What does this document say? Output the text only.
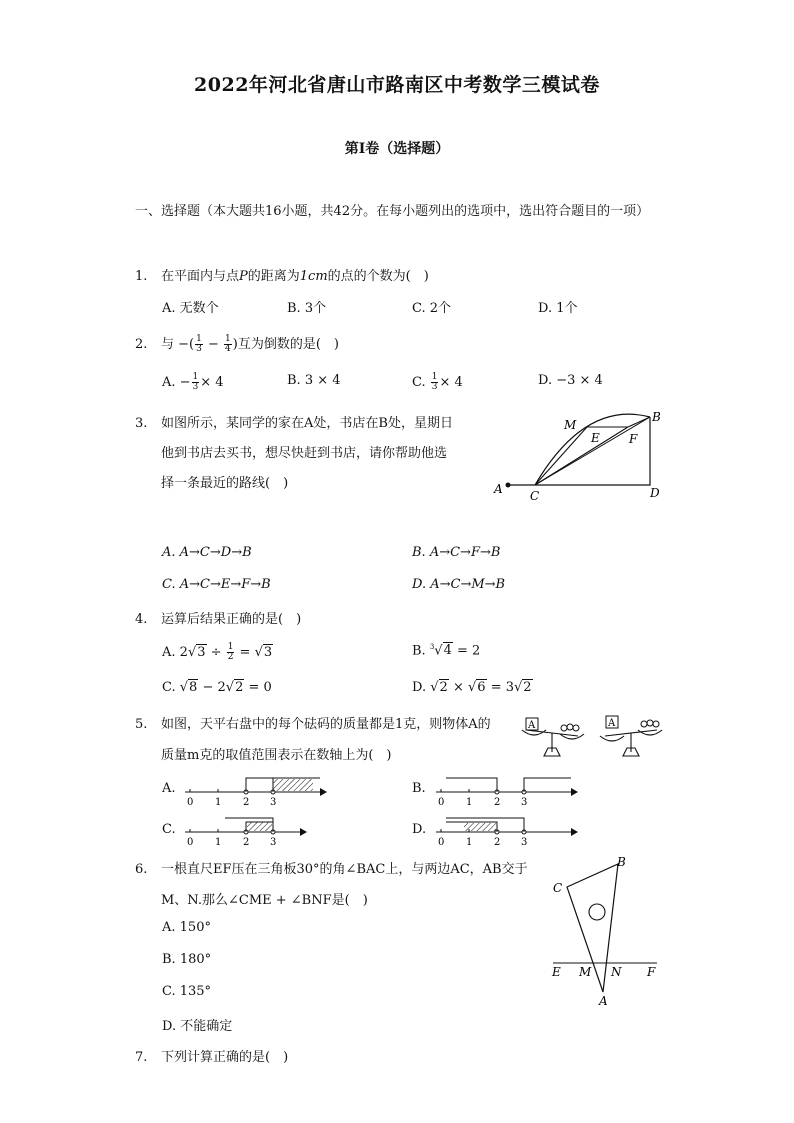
2022年河北省唐山市路南区中考数学三模试卷
第I卷（选择题）
一、选择题（本大题共16小题，共42分。在每小题列出的选项中，选出符合题目的一项）
1. 在平面内与点P的距离为1cm的点的个数为(　)
A. 无数个	B. 3个	C. 2个	D. 1个
2. 与 −( $\frac{1}{3} - \frac{1}{4}$ )互为倒数的是(　)
A. − $\frac{1}{3} \times 4$	B. 3 × 4	C. $\frac{1}{3} \times 4$	D. −3 × 4
3. 如图所示，某同学的家在A处，书店在B处，星期日
他到书店去买书，想尽快赶到书店，请你帮助他选
择一条最近的路线(　)	A
B
C	D
E F
M
A. A→C→D→B	B. A→C→F→B
C. A→C→E→F→B	D. A→C→M→B
4. 运算后结果正确的是(　)
A. $2√3 \div \frac{1}{2} = √3$	B. $^3$√4 = 2
C. √8 − 2√2 = 0	D. √2 × √6 = 3√2
5. 如图，天平右盘中的每个砝码的质量都是1克，则物体A的
质量m克的取值范围表示在数轴上为(　)
A	A
A.	B.
C.	D.
0 1 2 3	0 1 2 3
0 1 2 3	0 1 2 3
6. 一根直尺EF压在三角板30°的角∠BAC上，与两边AC，AB交于
M、N.那么∠CME + ∠BNF是(　)
A. 150°
B. 180°
C. 135°
D. 不能确定
C
B
E M N F
A
7. 下列计算正确的是(　)
